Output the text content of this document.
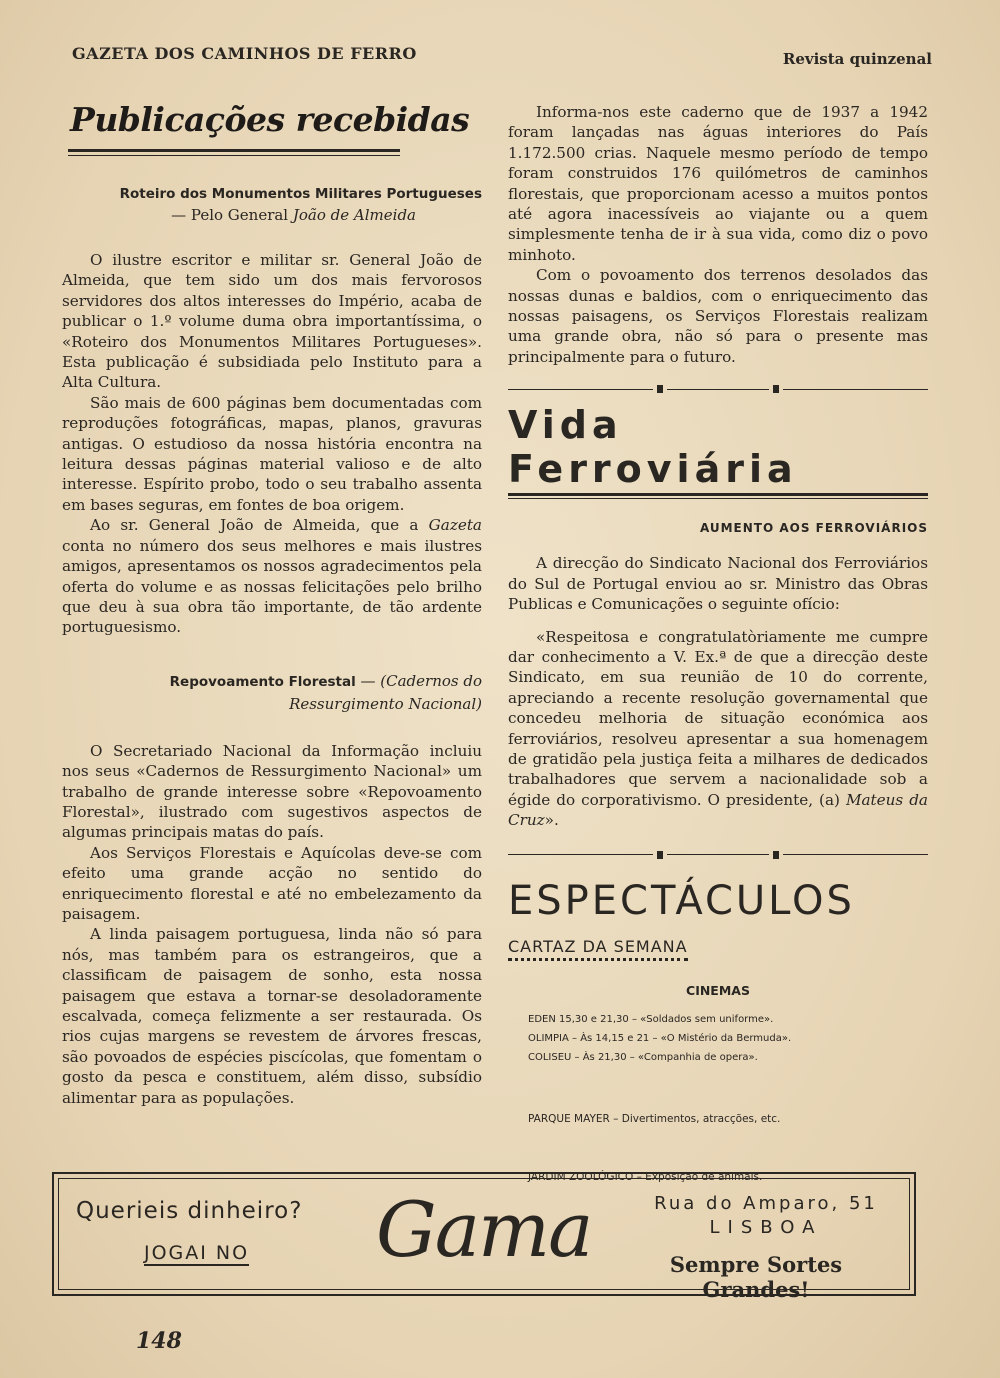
GAZETA DOS CAMINHOS DE FERRO	Revista quinzenal
Publicações recebidas
Roteiro dos Monumentos Militares Portugueses
— Pelo General João de Almeida

O ilustre escritor e militar sr. General João de Almeida, que tem sido um dos mais fervorosos servidores dos altos interesses do Império, acaba de publicar o 1.º volume duma obra importantíssima, o «Roteiro dos Monumentos Militares Portugueses». Esta publicação é subsidiada pelo Instituto para a Alta Cultura.

São mais de 600 páginas bem documentadas com reproduções fotográficas, mapas, planos, gravuras antigas. O estudioso da nossa história encontra na leitura dessas páginas material valioso e de alto interesse. Espírito probo, todo o seu trabalho assenta em bases seguras, em fontes de boa origem.

Ao sr. General João de Almeida, que a Gazeta conta no número dos seus melhores e mais ilustres amigos, apresentamos os nossos agradecimentos pela oferta do volume e as nossas felicitações pelo brilho que deu à sua obra tão importante, de tão ardente portuguesismo.

Repovoamento Florestal — (Cadernos do Ressurgimento Nacional)

O Secretariado Nacional da Informação incluiu nos seus «Cadernos de Ressurgimento Nacional» um trabalho de grande interesse sobre «Repovoamento Florestal», ilustrado com sugestivos aspectos de algumas principais matas do país.

Aos Serviços Florestais e Aquícolas deve-se com efeito uma grande acção no sentido do enriquecimento florestal e até no embelezamento da paisagem.

A linda paisagem portuguesa, linda não só para nós, mas também para os estrangeiros, que a classificam de paisagem de sonho, esta nossa paisagem que estava a tornar-se desoladoramente escalvada, começa felizmente a ser restaurada. Os rios cujas margens se revestem de árvores frescas, são povoados de espécies piscícolas, que fomentam o gosto da pesca e constituem, além disso, subsídio alimentar para as populações.

Informa-nos este caderno que de 1937 a 1942 foram lançadas nas águas interiores do País 1.172.500 crias. Naquele mesmo período de tempo foram construidos 176 quilómetros de caminhos florestais, que proporcionam acesso a muitos pontos até agora inacessíveis ao viajante ou a quem simplesmente tenha de ir à sua vida, como diz o povo minhoto.

Com o povoamento dos terrenos desolados das nossas dunas e baldios, com o enriquecimento das nossas paisagens, os Serviços Florestais realizam uma grande obra, não só para o presente mas principalmente para o futuro.

Vida Ferroviária
AUMENTO AOS FERROVIÁRIOS

A direcção do Sindicato Nacional dos Ferroviários do Sul de Portugal enviou ao sr. Ministro das Obras Publicas e Comunicações o seguinte ofício:

«Respeitosa e congratulatòriamente me cumpre dar conhecimento a V. Ex.ª de que a direcção deste Sindicato, em sua reunião de 10 do corrente, apreciando a recente resolução governamental que concedeu melhoria de situação económica aos ferroviários, resolveu apresentar a sua homenagem de gratidão pela justiça feita a milhares de dedicados trabalhadores que servem a nacionalidade sob a égide do corporativismo. O presidente, (a) Mateus da Cruz».

ESPECTÁCULOS
CARTAZ DA SEMANA
CINEMAS
EDEN 15,30 e 21,30 – «Soldados sem uniforme».
OLIMPIA – Às 14,15 e 21 – «O Mistério da Bermuda».
COLISEU – Às 21,30 – «Companhia de opera».
PARQUE MAYER – Divertimentos, atracções, etc.
JARDIM ZOOLÓGICO – Exposição de animais.
Querieis dinheiro?
JOGAI NO Gama	Rua do Amparo, 51
LISBOA
Sempre Sortes Grandes!
148
